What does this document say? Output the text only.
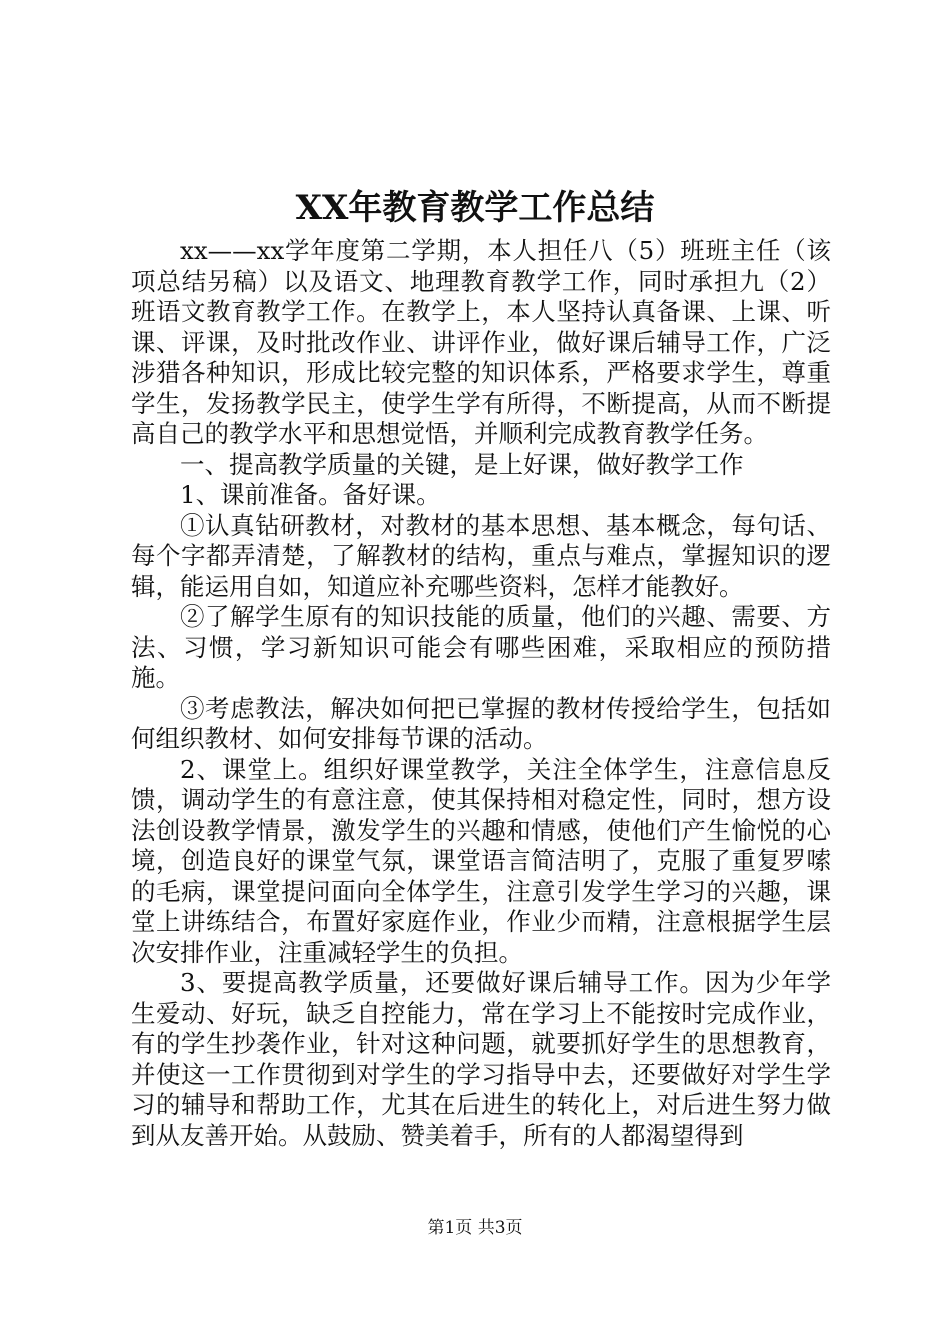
XX年教育教学工作总结

xx——xx学年度第二学期，本人担任八（5）班班主任（该项总结另稿）以及语文、地理教育教学工作，同时承担九（2）班语文教育教学工作。在教学上，本人坚持认真备课、上课、听课、评课，及时批改作业、讲评作业，做好课后辅导工作，广泛涉猎各种知识，形成比较完整的知识体系，严格要求学生，尊重学生，发扬教学民主，使学生学有所得，不断提高，从而不断提高自己的教学水平和思想觉悟，并顺利完成教育教学任务。

一、提高教学质量的关键，是上好课，做好教学工作

1、课前准备。备好课。

①认真钻研教材，对教材的基本思想、基本概念，每句话、每个字都弄清楚，了解教材的结构，重点与难点，掌握知识的逻辑，能运用自如，知道应补充哪些资料，怎样才能教好。

②了解学生原有的知识技能的质量，他们的兴趣、需要、方法、习惯，学习新知识可能会有哪些困难，采取相应的预防措施。

③考虑教法，解决如何把已掌握的教材传授给学生，包括如何组织教材、如何安排每节课的活动。

2、课堂上。组织好课堂教学，关注全体学生，注意信息反馈，调动学生的有意注意，使其保持相对稳定性，同时，想方设法创设教学情景，激发学生的兴趣和情感，使他们产生愉悦的心境，创造良好的课堂气氛，课堂语言简洁明了，克服了重复罗嗦的毛病，课堂提问面向全体学生，注意引发学生学习的兴趣，课堂上讲练结合，布置好家庭作业，作业少而精，注意根据学生层次安排作业，注重减轻学生的负担。

3、要提高教学质量，还要做好课后辅导工作。因为少年学生爱动、好玩，缺乏自控能力，常在学习上不能按时完成作业，有的学生抄袭作业，针对这种问题，就要抓好学生的思想教育，并使这一工作贯彻到对学生的学习指导中去，还要做好对学生学习的辅导和帮助工作，尤其在后进生的转化上，对后进生努力做到从友善开始。从鼓励、赞美着手，所有的人都渴望得到

第1页 共3页
